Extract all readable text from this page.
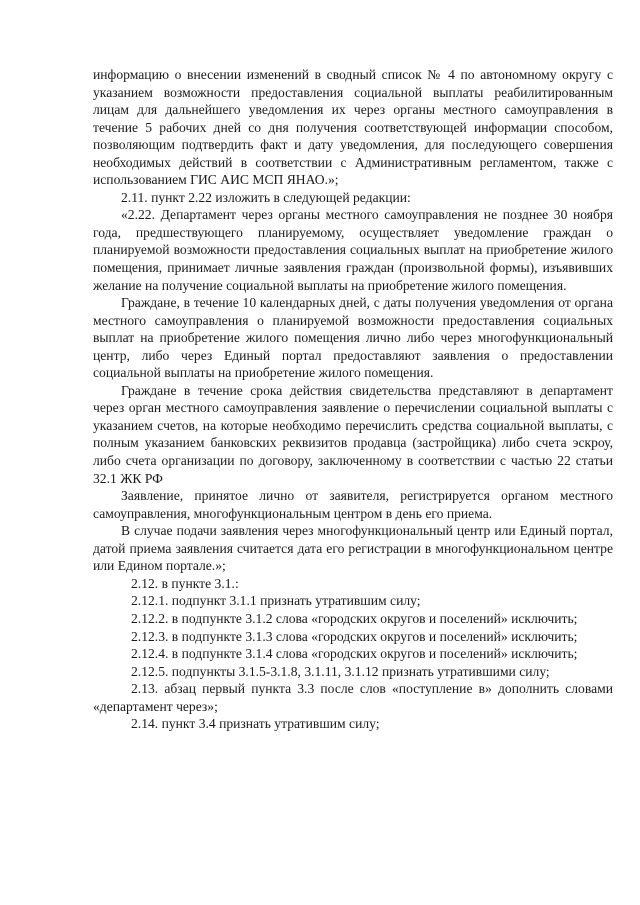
информацию о внесении изменений в сводный список № 4 по автономному округу с указанием возможности предоставления социальной выплаты реабилитированным лицам для дальнейшего уведомления их через органы местного самоуправления в течение 5 рабочих дней со дня получения соответствующей информации способом, позволяющим подтвердить факт и дату уведомления, для последующего совершения необходимых действий в соответствии с Административным регламентом, также с использованием ГИС АИС МСП ЯНАО.»;

2.11. пункт 2.22 изложить в следующей редакции:

«2.22. Департамент через органы местного самоуправления не позднее 30 ноября года, предшествующего планируемому, осуществляет уведомление граждан о планируемой возможности предоставления социальных выплат на приобретение жилого помещения, принимает личные заявления граждан (произвольной формы), изъявивших желание на получение социальной выплаты на приобретение жилого помещения.

Граждане, в течение 10 календарных дней, с даты получения уведомления от органа местного самоуправления о планируемой возможности предоставления социальных выплат на приобретение жилого помещения лично либо через многофункциональный центр, либо через Единый портал предоставляют заявления о предоставлении социальной выплаты на приобретение жилого помещения.

Граждане в течение срока действия свидетельства представляют в департамент через орган местного самоуправления заявление о перечислении социальной выплаты с указанием счетов, на которые необходимо перечислить средства социальной выплаты, с полным указанием банковских реквизитов продавца (застройщика) либо счета эскроу, либо счета организации по договору, заключенному в соответствии с частью 22 статьи 32.1 ЖК РФ

Заявление, принятое лично от заявителя, регистрируется органом местного самоуправления, многофункциональным центром в день его приема.

В случае подачи заявления через многофункциональный центр или Единый портал, датой приема заявления считается дата его регистрации в многофункциональном центре или Едином портале.»;

2.12. в пункте 3.1.:

2.12.1. подпункт 3.1.1 признать утратившим силу;

2.12.2. в подпункте 3.1.2 слова «городских округов и поселений» исключить;

2.12.3. в подпункте 3.1.3 слова «городских округов и поселений» исключить;

2.12.4. в подпункте 3.1.4 слова «городских округов и поселений» исключить;

2.12.5. подпункты 3.1.5-3.1.8, 3.1.11, 3.1.12 признать утратившими силу;

2.13. абзац первый пункта 3.3 после слов «поступление в» дополнить словами «департамент через»;

2.14. пункт 3.4 признать утратившим силу;
